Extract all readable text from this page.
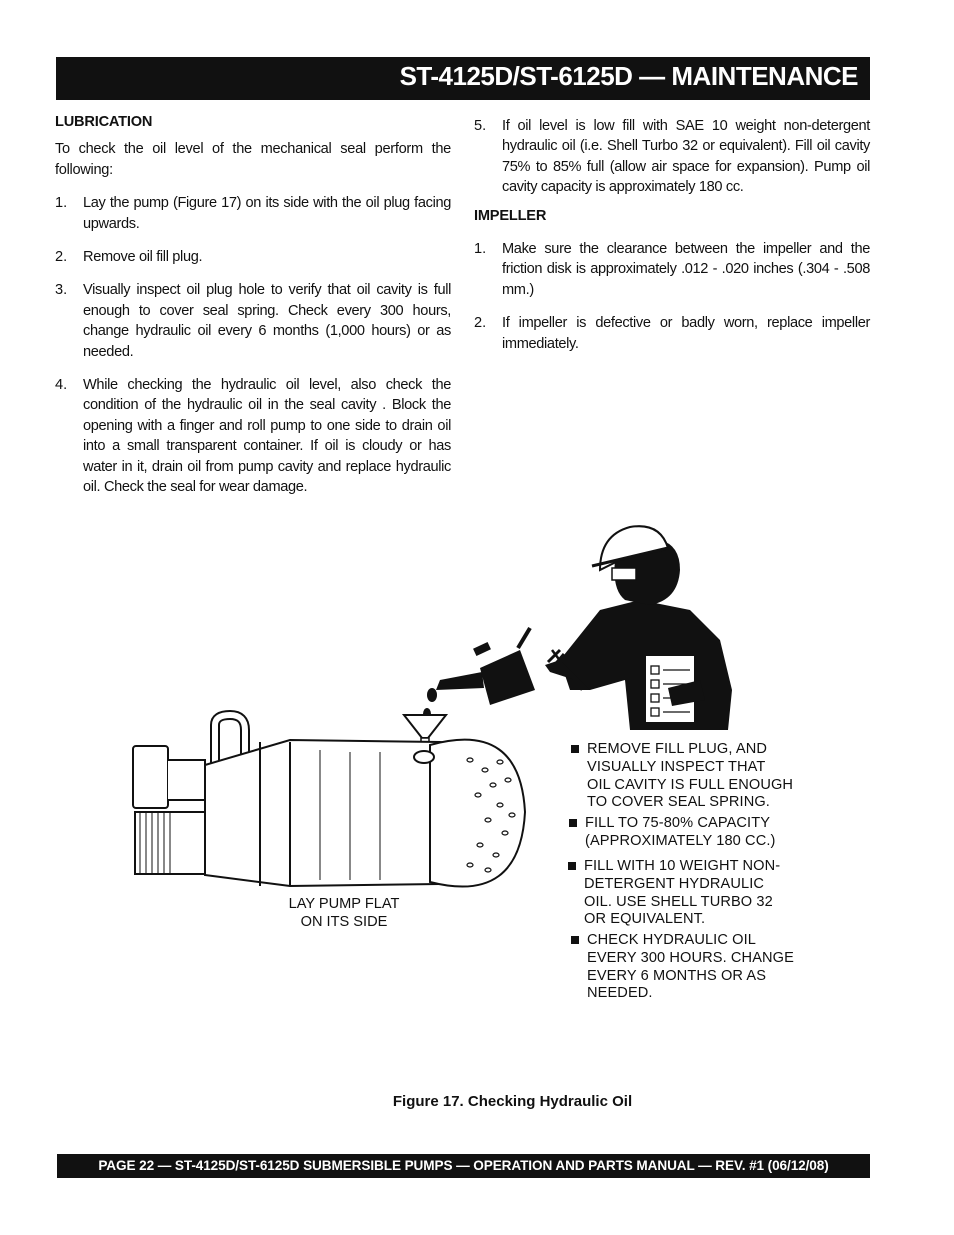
ST-4125D/ST-6125D — MAINTENANCE

LUBRICATION

To check the oil level of the mechanical seal perform the following:

1.	Lay the pump (Figure 17) on its side with the oil plug facing upwards.
2.	Remove oil fill plug.
3.	Visually inspect oil plug hole to verify that oil cavity is full enough to cover seal spring. Check every 300 hours, change hydraulic oil every 6 months (1,000 hours) or as needed.
4.	While checking the hydraulic oil level, also check the condition of the hydraulic oil in the seal cavity . Block the opening with a finger and roll pump to one side to drain oil into a small transparent container. If oil is cloudy or has water in it, drain oil from pump cavity and replace hydraulic oil. Check the seal for wear damage.
5.	If oil level is low fill with SAE 10 weight non-detergent hydraulic oil (i.e. Shell Turbo 32 or equivalent). Fill oil cavity 75% to 85% full (allow air space for expansion). Pump oil cavity capacity is approximately 180 cc.

IMPELLER

1.	Make sure the clearance between the impeller and the friction disk is approximately .012 - .020 inches (.304 - .508 mm.)
2.	If impeller is defective or badly worn, replace impeller immediately.
REMOVE FILL PLUG, AND
VISUALLY INSPECT THAT
OIL CAVITY IS FULL ENOUGH
TO COVER SEAL SPRING.
FILL TO 75-80% CAPACITY
(APPROXIMATELY 180 CC.)
FILL WITH 10 WEIGHT NON-
DETERGENT HYDRAULIC
OIL. USE SHELL TURBO 32
OR EQUIVALENT.
CHECK HYDRAULIC OIL
EVERY 300 HOURS. CHANGE
EVERY 6 MONTHS OR AS
NEEDED.
LAY PUMP FLAT
ON ITS SIDE
Figure 17. Checking Hydraulic Oil
PAGE 22 — ST-4125D/ST-6125D SUBMERSIBLE PUMPS — OPERATION AND PARTS MANUAL — REV. #1 (06/12/08)
